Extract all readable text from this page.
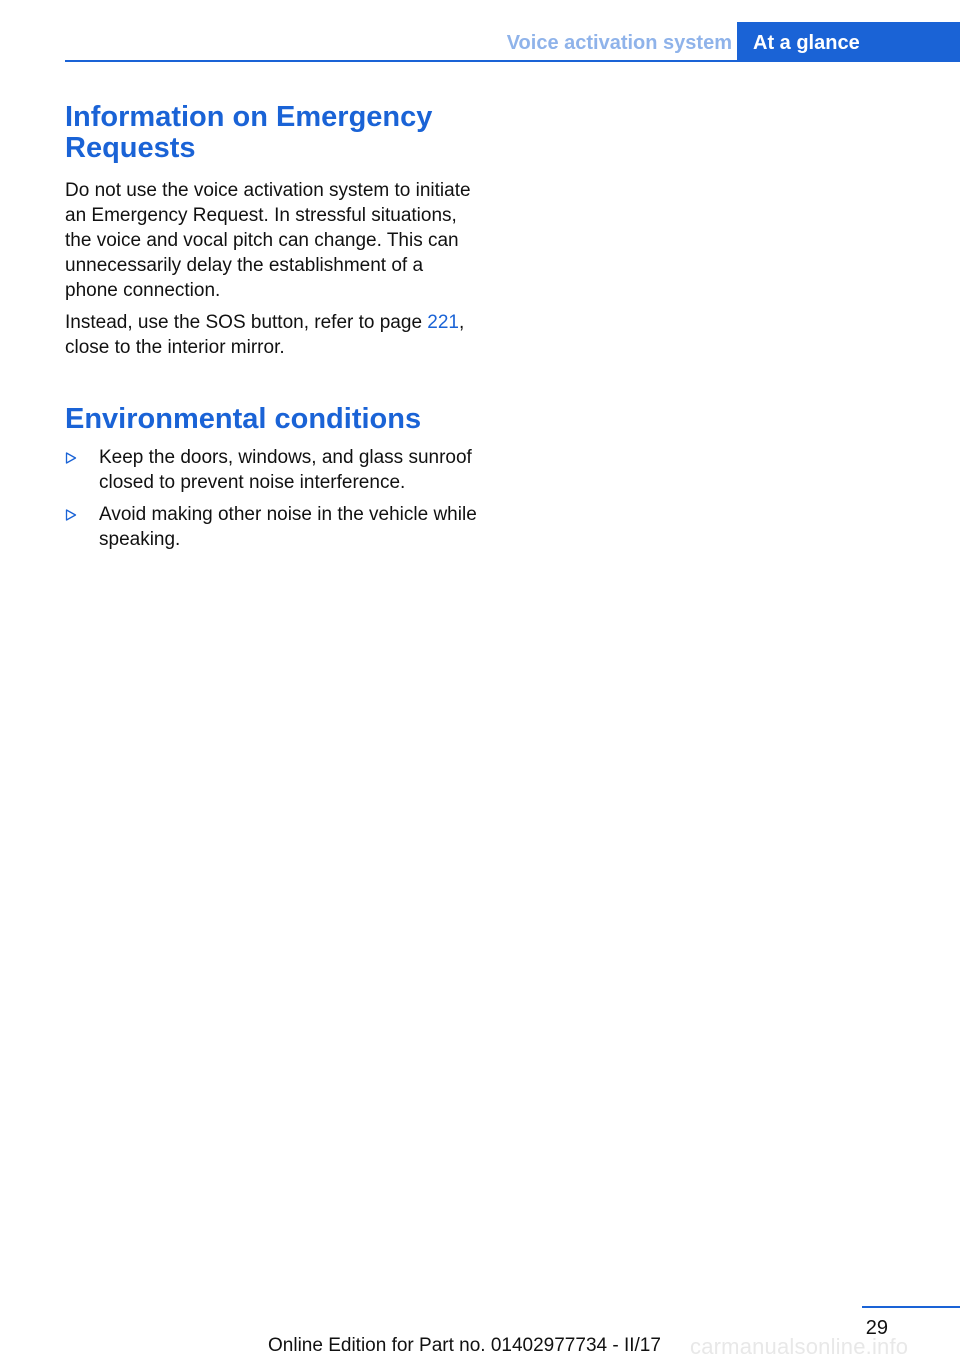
Voice activation system	At a glance
Information on Emergency Requests

Do not use the voice activation system to initiate an Emergency Request. In stressful situations, the voice and vocal pitch can change. This can unnecessarily delay the establishment of a phone connection.

Instead, use the SOS button, refer to page 221, close to the interior mirror.

Environmental conditions
Keep the doors, windows, and glass sunroof closed to prevent noise interference.
Avoid making other noise in the vehicle while speaking.
29
Online Edition for Part no. 01402977734 - II/17	carmanualsonline.info
